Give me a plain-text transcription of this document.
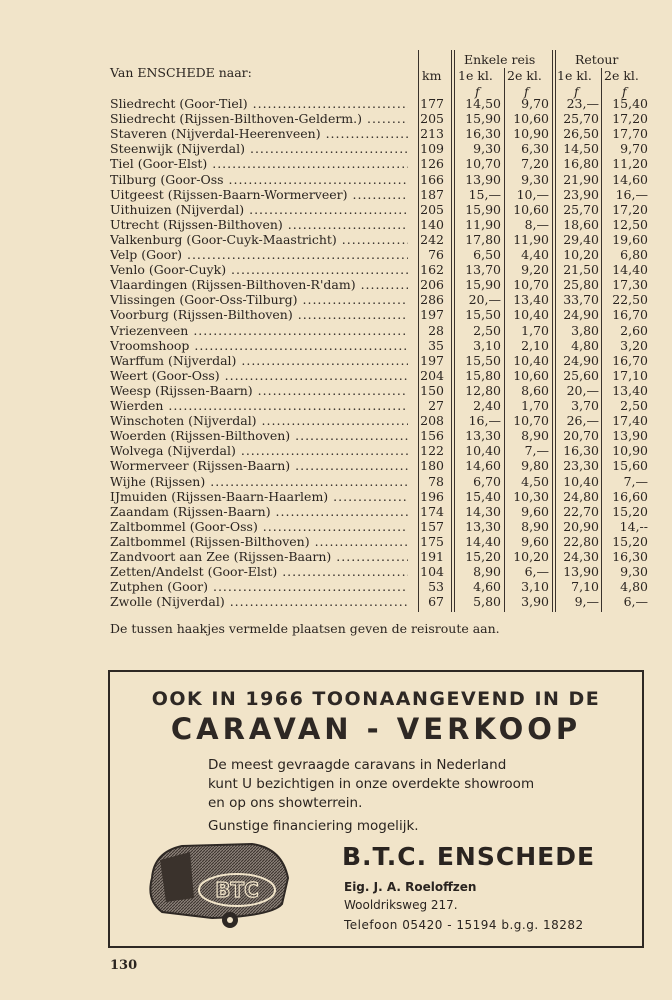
Van ENSCHEDE naar:	km
Enkele reis	Retour
1e kl. 2e kl. 1e kl. 2e kl.
f	f	f	f
Sliedrecht (Goor-Tiel) .....	177	14,50	9,70	23,—	15,40
Sliedrecht (Rijssen-Bilthoven-Gelderm.) .....	205	15,90 10,60	25,70	17,20
Staveren (Nijverdal-Heerenveen) .....	213	16,30 10,90	26,50	17,70
Steenwijk (Nijverdal) .....	109	9,30	6,30	14,50	9,70
Tiel (Goor-Elst) .....	126	10,70	7,20	16,80	11,20
Tilburg (Goor-Oss .....	166	13,90	9,30	21,90	14,60
Uitgeest (Rijssen-Baarn-Wormerveer) .....	187	15,—	10,—	23,90	16,—
Uithuizen (Nijverdal) .....	205	15,90 10,60	25,70	17,20
Utrecht (Rijssen-Bilthoven) .....	140	11,90	8,—	18,60	12,50
Valkenburg (Goor-Cuyk-Maastricht) .....	242	17,80 11,90	29,40	19,60
Velp (Goor) .....	76	6,50	4,40	10,20	6,80
Venlo (Goor-Cuyk) .....	162	13,70	9,20	21,50	14,40
Vlaardingen (Rijssen-Bilthoven-R'dam) .....	206	15,90 10,70	25,80	17,30
Vlissingen (Goor-Oss-Tilburg) .....	286	20,— 13,40	33,70	22,50
Voorburg (Rijssen-Bilthoven) .....	197	15,50 10,40	24,90	16,70
Vriezenveen .....	28	2,50	1,70	3,80	2,60
Vroomshoop .....	35	3,10	2,10	4,80	3,20
Warffum (Nijverdal) .....	197	15,50 10,40	24,90	16,70
Weert (Goor-Oss) .....	204	15,80 10,60	25,60	17,10
Weesp (Rijssen-Baarn) .....	150	12,80	8,60	20,—	13,40
Wierden .....	27	2,40	1,70	3,70	2,50
Winschoten (Nijverdal) .....	208	16,— 10,70	26,—	17,40
Woerden (Rijssen-Bilthoven) .....	156	13,30	8,90	20,70	13,90
Wolvega (Nijverdal) .....	122	10,40	7,—	16,30	10,90
Wormerveer (Rijssen-Baarn) .....	180	14,60	9,80	23,30	15,60
Wijhe (Rijssen) .....	78	6,70	4,50	10,40	7,—
IJmuiden (Rijssen-Baarn-Haarlem) .....	196	15,40 10,30	24,80	16,60
Zaandam (Rijssen-Baarn) .....	174	14,30	9,60	22,70	15,20
Zaltbommel (Goor-Oss) .....	157	13,30	8,90	20,90	14,--
Zaltbommel (Rijssen-Bilthoven) .....	175	14,40	9,60	22,80	15,20
Zandvoort aan Zee (Rijssen-Baarn) .....	191	15,20 10,20	24,30	16,30
Zetten/Andelst (Goor-Elst) .....	104	8,90	6,—	13,90	9,30
Zutphen (Goor) .....	53	4,60	3,10	7,10	4,80
Zwolle (Nijverdal) .....	67	5,80	3,90	9,—	6,—
De tussen haakjes vermelde plaatsen geven de reisroute aan.
OOK IN 1966 TOONAANGEVEND IN DE
CARAVAN - VERKOOP
De meest gevraagde caravans in Nederland kunt U bezichtigen in onze overdekte showroom en op ons showterrein.
Gunstige financiering mogelijk.
BTC
B.T.C. ENSCHEDE
Eig. J. A. Roeloffzen
Wooldriksweg 217.
Telefoon 05420 - 15194 b.g.g. 18282
130
